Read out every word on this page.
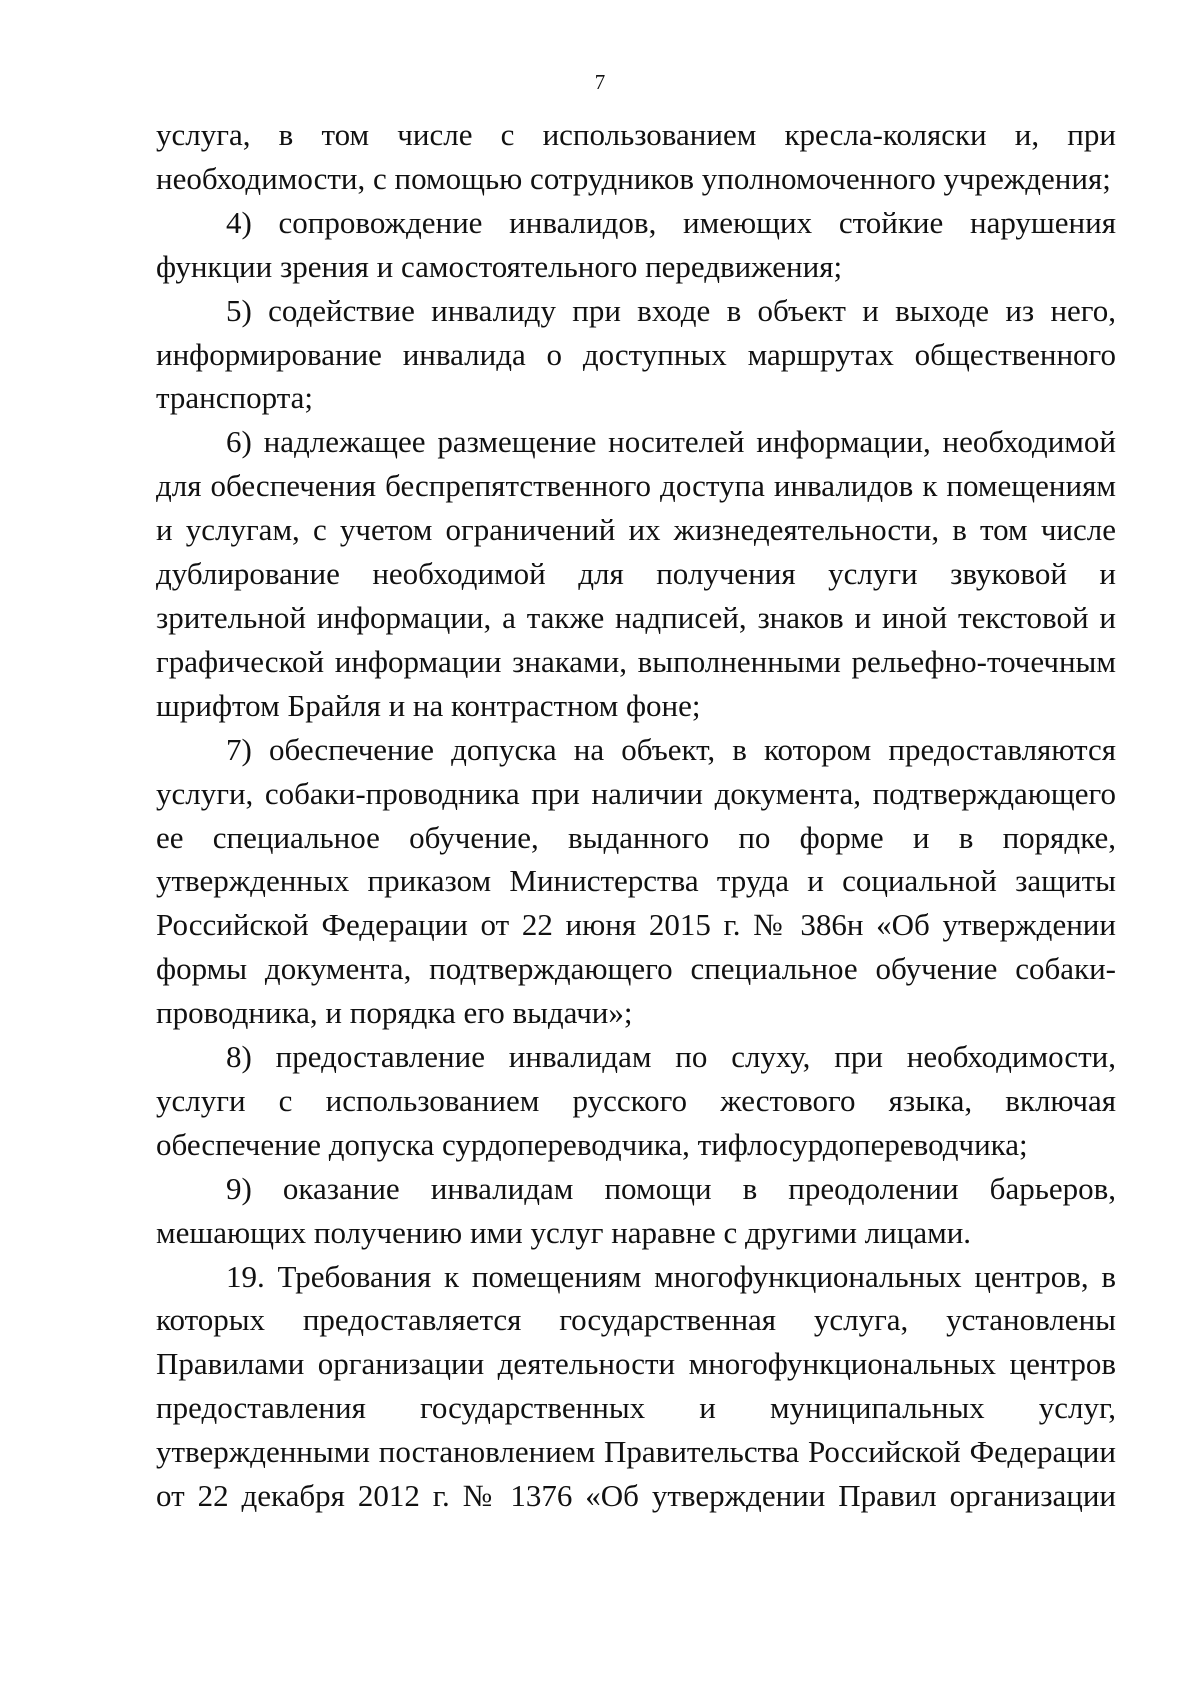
7

услуга, в том числе с использованием кресла-коляски и, при необходимости, с помощью сотрудников уполномоченного учреждения;

4) сопровождение инвалидов, имеющих стойкие нарушения функции зрения и самостоятельного передвижения;

5) содействие инвалиду при входе в объект и выходе из него, информирование инвалида о доступных маршрутах общественного транспорта;

6) надлежащее размещение носителей информации, необходимой для обеспечения беспрепятственного доступа инвалидов к помещениям и услугам, с учетом ограничений их жизнедеятельности, в том числе дублирование необходимой для получения услуги звуковой и зрительной информации, а также надписей, знаков и иной текстовой и графической информации знаками, выполненными рельефно-точечным шрифтом Брайля и на контрастном фоне;

7) обеспечение допуска на объект, в котором предоставляются услуги, собаки-проводника при наличии документа, подтверждающего ее специальное обучение, выданного по форме и в порядке, утвержденных приказом Министерства труда и социальной защиты Российской Федерации от 22 июня 2015 г. № 386н «Об утверждении формы документа, подтверждающего специальное обучение собаки-проводника, и порядка его выдачи»;

8) предоставление инвалидам по слуху, при необходимости, услуги с использованием русского жестового языка, включая обеспечение допуска сурдопереводчика, тифлосурдопереводчика;

9) оказание инвалидам помощи в преодолении барьеров, мешающих получению ими услуг наравне с другими лицами.

19. Требования к помещениям многофункциональных центров, в которых предоставляется государственная услуга, установлены Правилами организации деятельности многофункциональных центров предоставления государственных и муниципальных услуг, утвержденными постановлением Правительства Российской Федерации от 22 декабря 2012 г. № 1376 «Об утверждении Правил организации
